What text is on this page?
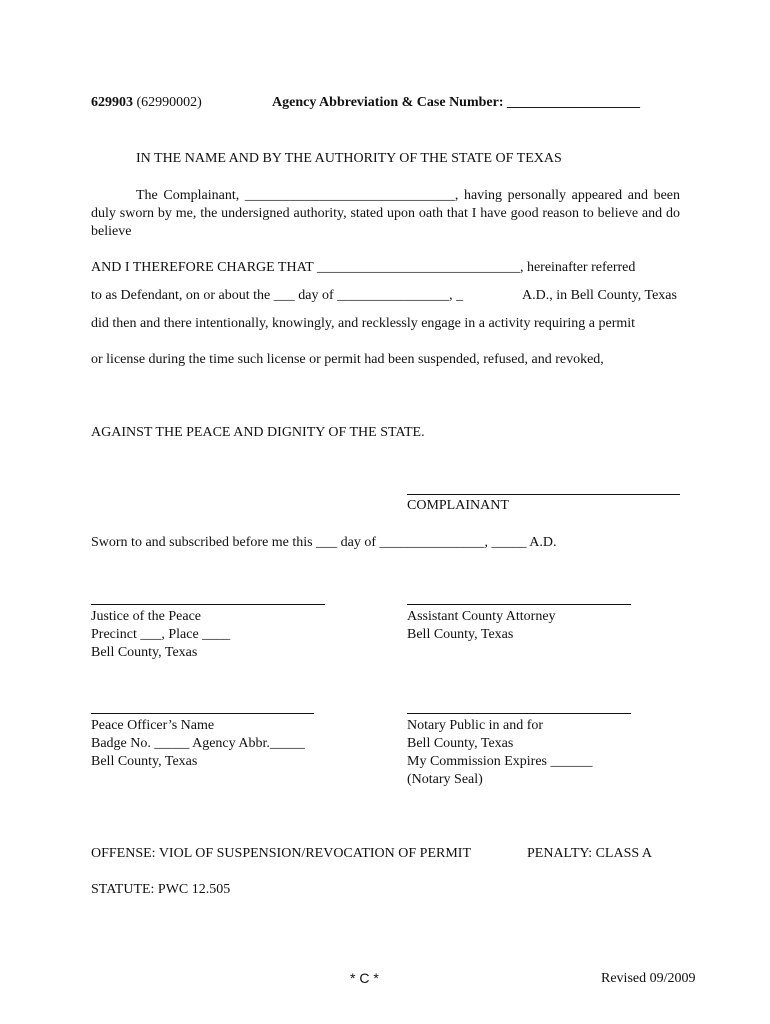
629903 (62990002)	Agency Abbreviation & Case Number: ___________________
IN THE NAME AND BY THE AUTHORITY OF THE STATE OF TEXAS
The Complainant, ______________________________, having personally appeared and been duly sworn by me, the undersigned authority, stated upon oath that I have good reason to believe and do believe
AND I THEREFORE CHARGE THAT _____________________________, hereinafter referred
to as Defendant, on or about the ___ day of ________________, _	A.D., in Bell County, Texas
did then and there intentionally, knowingly, and recklessly engage in a activity requiring a permit
or license during the time such license or permit had been suspended, refused, and revoked,
AGAINST THE PEACE AND DIGNITY OF THE STATE.
COMPLAINANT
Sworn to and subscribed before me this ___ day of _______________, _____ A.D.
Justice of the Peace
Precinct ___, Place ____
Bell County, Texas
Assistant County Attorney
Bell County, Texas
Peace Officer’s Name
Badge No. _____ Agency Abbr._____
Bell County, Texas
Notary Public in and for
Bell County, Texas
My Commission Expires ______
(Notary Seal)
OFFENSE: VIOL OF SUSPENSION/REVOCATION OF PERMIT	PENALTY: CLASS A
STATUTE: PWC 12.505
* C *	Revised 09/2009
